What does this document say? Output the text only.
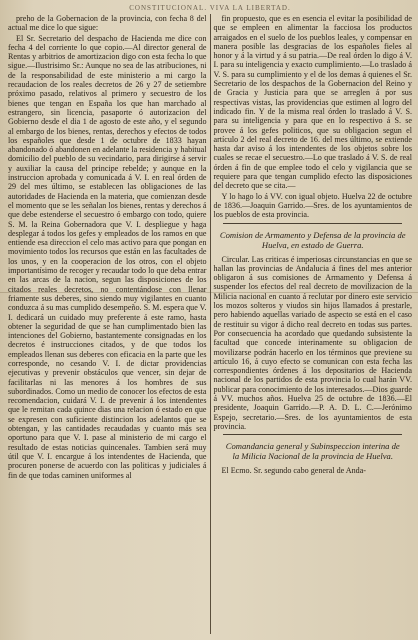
CONSTITUCIONAL. VIVA LA LIBERTAD.

preho de la Gobernacion de la provincia, con fecha 8 del actual me dice lo que sigue:

El Sr. Secretario del despacho de Hacienda me dice con fecha 4 del corriente lo que copio.—Al director general de Rentas y arbitrios de amortizacion digo con esta fecha lo que sigue.—Ilustrisimo Sr.: Aunque no sea de las atribuciones, ni de la responsabilidad de este ministerio a mi cargo la recaudacion de los reales decretos de 26 y 27 de setiembre próximo pasado, relativos al primero y secuestro de los bienes que tengan en España los que han marchado al estrangero, sin licencia, pasaporte ó autorizacion del Gobierno desde el dia 1 de agosto de este año, y el segundo al embargo de los bienes, rentas, derechos y efectos de todos los españoles que desde 1 de octubre de 1833 hayan abandonado ó abandonen en adelante la residencia y habitual domicilio del pueblo de su vecindario, para dirigirse á servir y auxiliar la causa del principe rebelde; y aunque en la instruccion aprobada y comunicada á V. I. en real órden de 29 del mes último, se establecen las obligaciones de las autoridades de Hacienda en la materia, que comienzan desde el momento que se les señalan los bienes, rentas y derechos á que debe estenderse el secuestro ó embargo con todo, quiere S. M. la Reina Gobernadora que V. I. despliegue y haga desplegar á todos los gefes y empleados de los ramos en que entiende esa direccion el celo mas activo para que pongan en movimiento todos los recursos que están en las facultades de los unos, y en la cooperacion de los otros, con el objeto importantísimo de recoger y recaudar todo lo que deba entrar en las arcas de la nacion, segun las disposiciones de los citados reales decretos, no contentándose con llenar friamente sus deberes, sino siendo muy vigilantes en cuanto conduzca á su mas cumplido desempeño. S. M. espera que V. I. dedicará un cuidado muy preferente á este ramo, hasta obtener la seguridad de que se han cumplimentado bien las intenciones del Gobierno, bastantemente consignadas en los decretos é instrucciones citados, y de que todos los empleados llenan sus deberes con eficacia en la parte que les corresponde, no cesando V. I. de dictar providencias ejecutivas y prevenir obstáculos que vencer, sin dejar de facilitarlas ni las menores á los hombres de sus subordinados. Como un medio de conocer los efectos de esta recomendacion, cuidará V. I. de prevenir á los intendentes que le remitan cada quince dias una relacion ó estado en que se expresen con suficiente distincion los adelantos que se obtengan, y las cantidades recaudadas y cuanto más sea oportuno para que V. I. pase al ministerio de mi cargo el resultado de estas noticias quincenales. Tambien será muy útil que V. I. encargue á los intendentes de Hacienda, que procuren ponerse de acuerdo con las politicas y judiciales á fin de que todas caminen uniformes al

fin propuesto, que es en esencia el evitar la posibilidad de que se empleen en alimentar la facciosa los productos arraigados en el suelo de los pueblos leales, y compensar en manera posible las desgracias de los españoles fieles al honor y á la virtud y á su patria.—De real órden lo digo á V. I. para su inteligencia y exacto cumplimiento.—Lo traslado á V. S. para su cumplimiento y el de los demas á quienes el Sr. Secretario de los despachos de la Gobernacion del Reino y de Gracia y Justicia para que se arreglen á por sus respectivas vistas, las providencias que estimen al logro del indicado fin. Y de la misma real órden lo traslado á V. S. para su inteligencia y para que en lo respectivo á S. se provee á los gefes politicos, que su obligacion segun el artículo 2 del real decreto de 16. del mes último, se extiende hasta dar aviso á los intendentes de los objetos sobre los cuales se recae el secuestro.—Lo que traslado á V. S. de real órden á fin de que emplee todo el celo y vigilancia que se requiere para que tengan cumplido efecto las disposiciones del decreto que se cita.—

Y lo hago lo á VV. con igual objeto. Huelva 22 de octubre de 1836.—Joaquin Garrido.—Sres. de los ayuntamientos de los pueblos de esta provincia.

Comision de Armamento y Defensa de la provincia de Huelva, en estado de Guerra.

Circular. Las criticas é imperiosas circunstancias en que se hallan las provincias de Andalucia á fines del mes anterior obligaron á sus comisiones de Armamento y Defensa á suspender los efectos del real decreto de movilizacion de la Milicia nacional en cuanto á reclutar por dinero este servicio los mozos solteros y viudos sin hijos llamados á prestarle, pero habiendo aquellas variado de aspecto se está en el caso de restituir su vigor á dicho real decreto en todas sus partes. Por consecuencia ha acordado que quedando subsistente la facultad que concede interinamente su obligacion de movilizarse podrán hacerlo en los términos que previene su artículo 16, á cuyo efecto se comunican con esta fecha las correspondientes órdenes á los depositarios de Hacienda nacional de los partidos de esta provincia lo cual harán VV. publicar para conocimiento de los interesados.—Dios guarde á VV. muchos años. Huelva 25 de octubre de 1836.—El presidente, Joaquin Garrido.—P. A. D. L. C.—Jerónimo Espejo, secretario.—Sres. de los ayuntamientos de esta provincia.

Comandancia general y Subinspeccion interina de
la Milicia Nacional de la provincia de Huelva.

El Ecmo. Sr. segundo cabo general de Anda-
